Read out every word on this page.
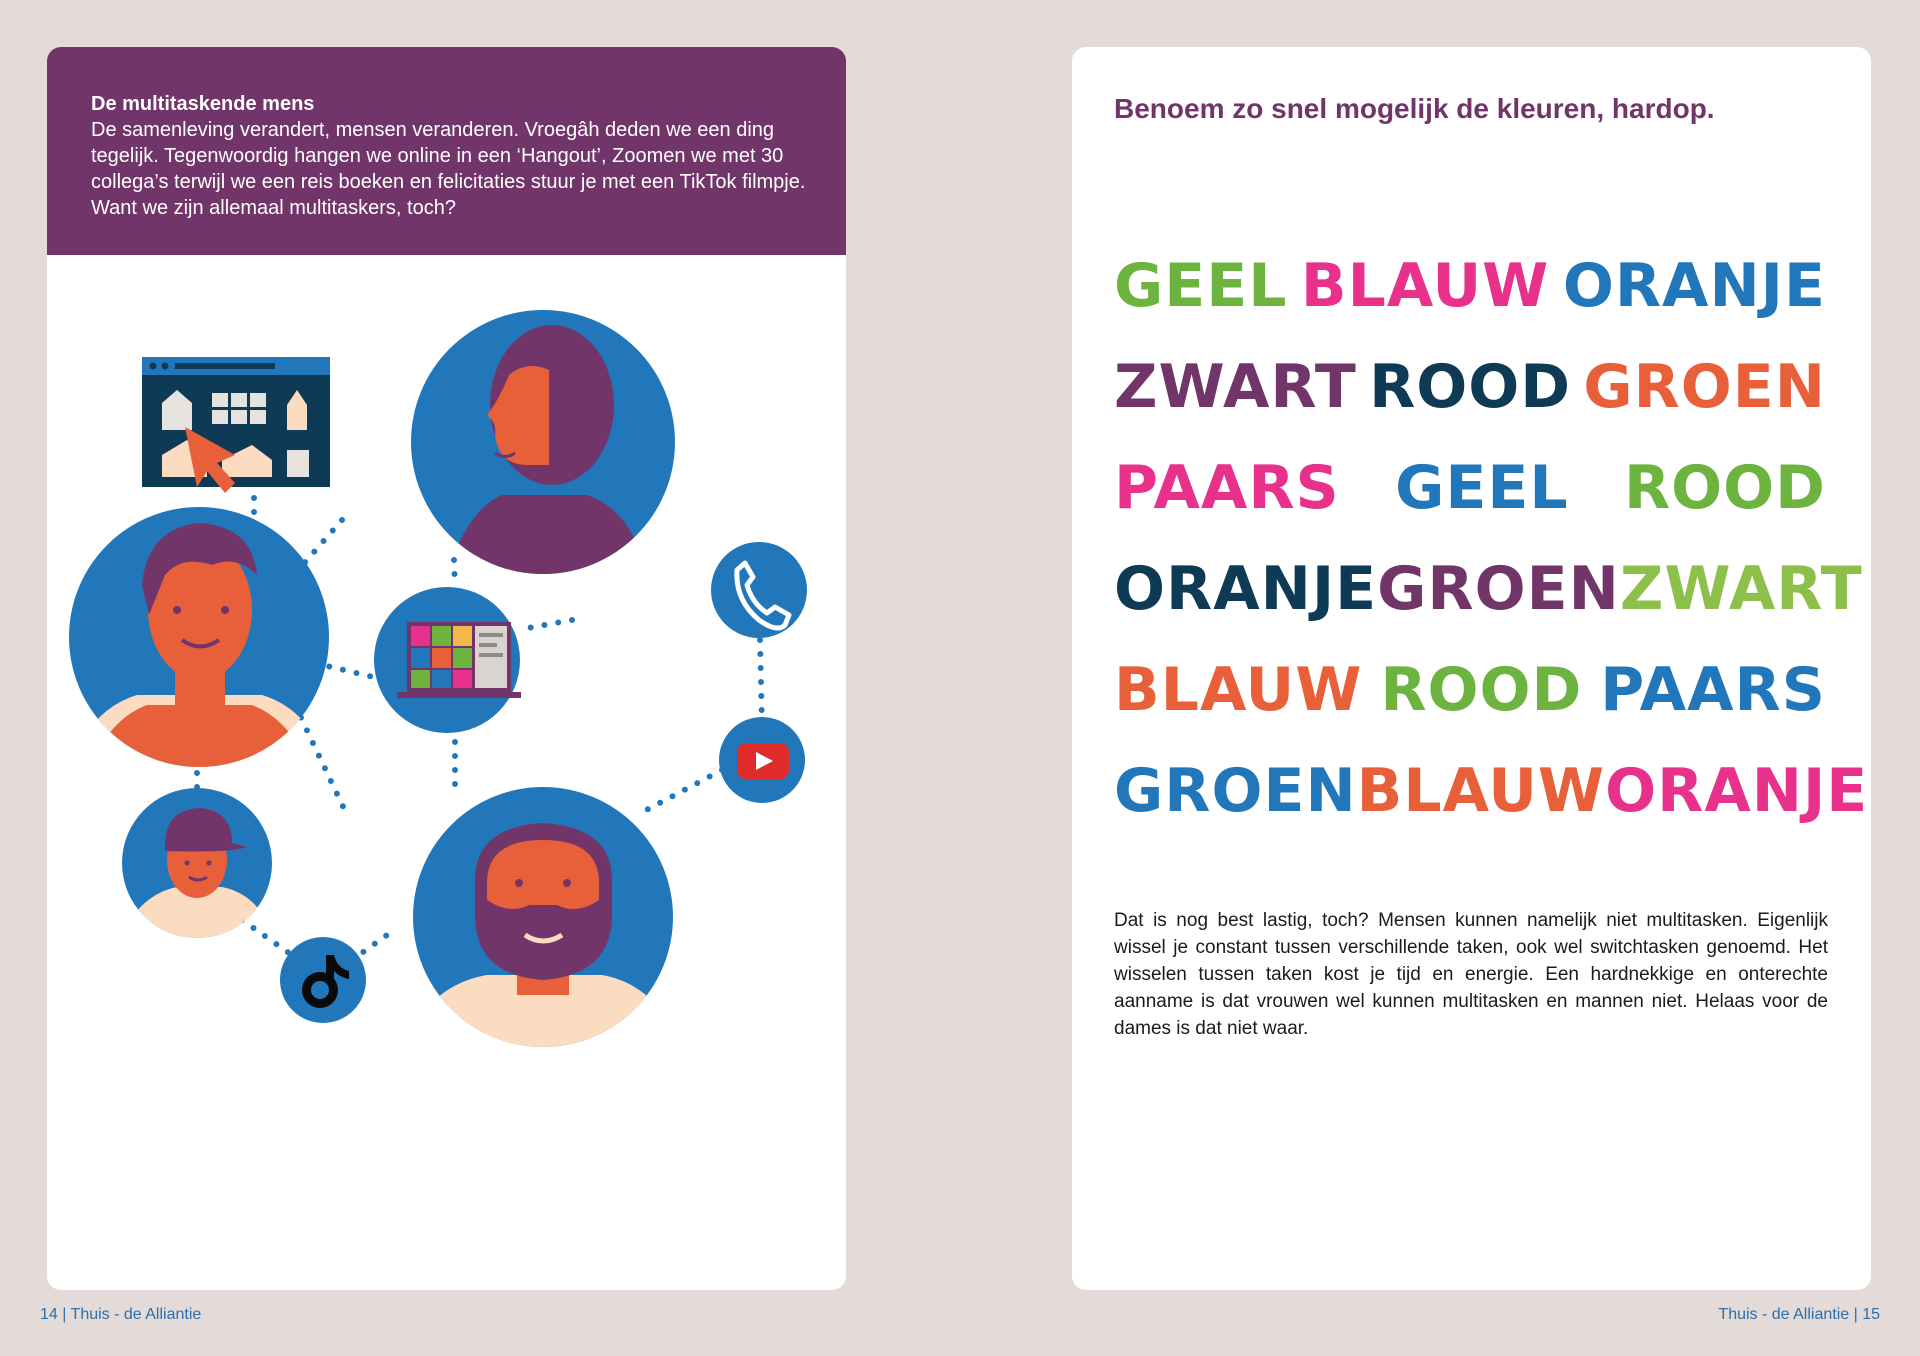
De multitaskende mens
De samenleving verandert, mensen veranderen. Vroegâh deden we een ding tegelijk. Tegenwoordig hangen we online in een ‘Hangout’, Zoomen we met 30 collega’s terwijl we een reis boeken en felicitaties stuur je met een TikTok filmpje. Want we zijn allemaal multitaskers, toch?
Benoem zo snel mogelijk de kleuren, hardop.
GEEL BLAUW ORANJE
ZWART ROOD GROEN
PAARS GEEL ROOD
ORANJE GROEN ZWART
BLAUW ROOD PAARS
GROEN BLAUW ORANJE

Dat is nog best lastig, toch? Mensen kunnen namelijk niet multitasken. Eigenlijk wissel je constant tussen verschillende taken, ook wel switchtasken genoemd. Het wisselen tussen taken kost je tijd en energie. Een hardnekkige en onterechte aanname is dat vrouwen wel kunnen multitasken en mannen niet. Helaas voor de dames is dat niet waar.

14 | Thuis - de Alliantie	Thuis - de Alliantie | 15
